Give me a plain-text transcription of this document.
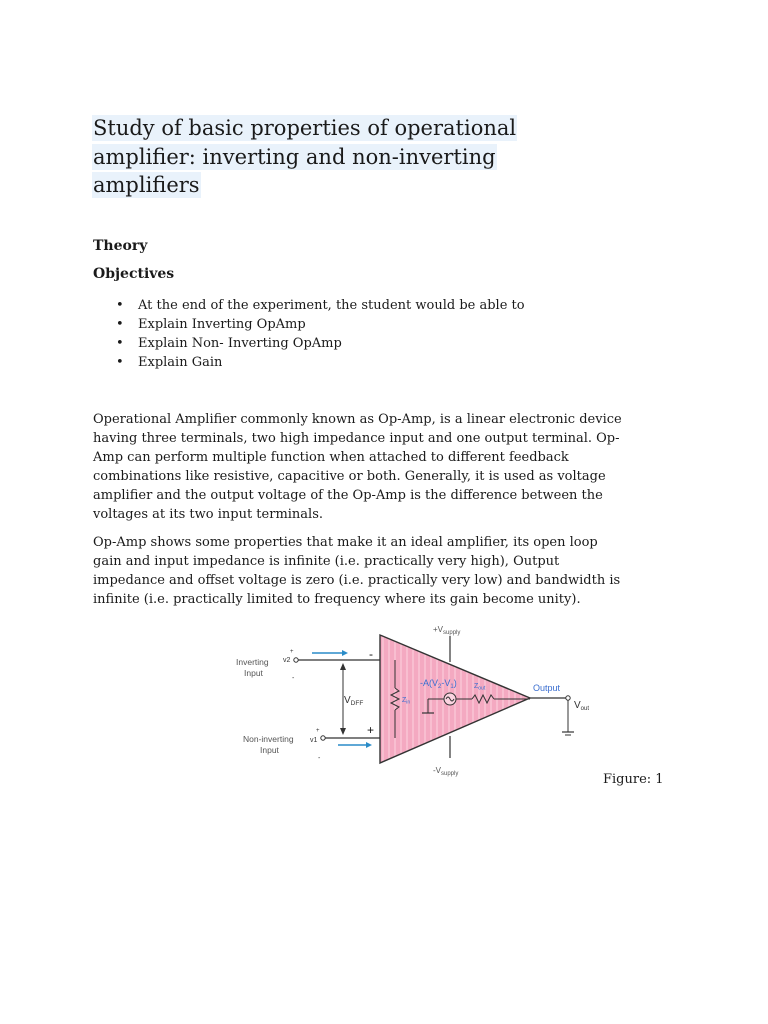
Study of basic properties of operational amplifier: inverting and non-inverting amplifiers
Theory
Objectives
• At the end of the experiment, the student would be able to
• Explain Inverting OpAmp
• Explain Non- Inverting OpAmp
• Explain Gain

Operational Amplifier commonly known as Op-Amp, is a linear electronic device
having three terminals, two high impedance input and one output terminal. Op-
Amp can perform multiple function when attached to different feedback
combinations like resistive, capacitive or both. Generally, it is used as voltage
amplifier and the output voltage of the Op-Amp is the difference between the
voltages at its two input terminals.

Op-Amp shows some properties that make it an ideal amplifier, its open loop
gain and input impedance is infinite (i.e. practically very high), Output
impedance and offset voltage is zero (i.e. practically very low) and bandwidth is
infinite (i.e. practically limited to frequency where its gain become unity).

$+V_{supply}$
$-V_{supply}$
Inverting Input
v2
+
-
-
Non-inverting Input
v1
+
-
+
$V_{DFF}$	$Z_{in}$
$-A(V_2-V_1)$ $Z_{out}$	Output
$V_{out}$

Figure: 1
